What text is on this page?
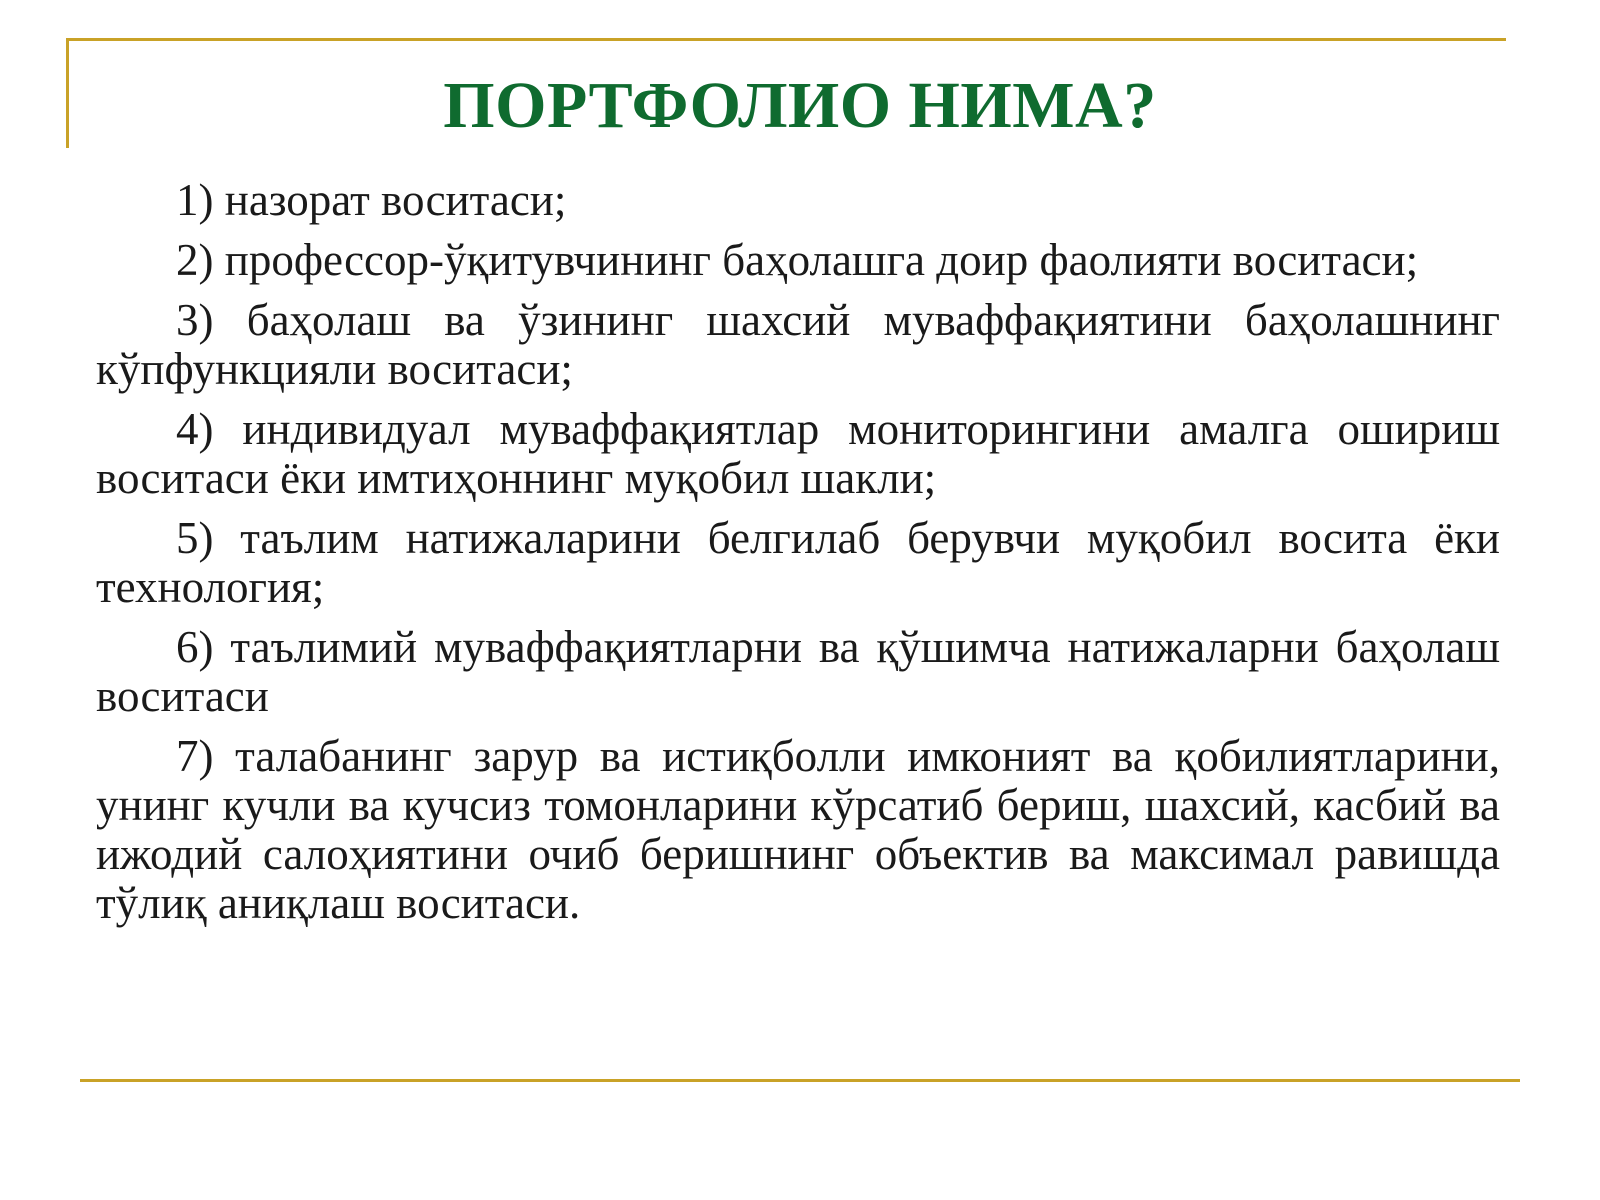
ПОРТФОЛИО НИМА?

1) назорат воситаси;

2) профессор-ўқитувчининг баҳолашга доир фаолияти воситаси;

3) баҳолаш ва ўзининг шахсий муваффақиятини баҳолашнинг кўпфункцияли воситаси;

4) индивидуал муваффақиятлар мониторингини амалга ошириш воситаси ёки имтиҳоннинг муқобил шакли;

5) таълим натижаларини белгилаб берувчи муқобил восита ёки технология;

6) таълимий муваффақиятларни ва қўшимча натижаларни баҳолаш воситаси

7) талабанинг зарур ва истиқболли имконият ва қобилиятларини, унинг кучли ва кучсиз томонларини кўрсатиб бериш, шахсий, касбий ва ижодий салоҳиятини очиб беришнинг объектив ва максимал равишда тўлиқ аниқлаш воситаси.
